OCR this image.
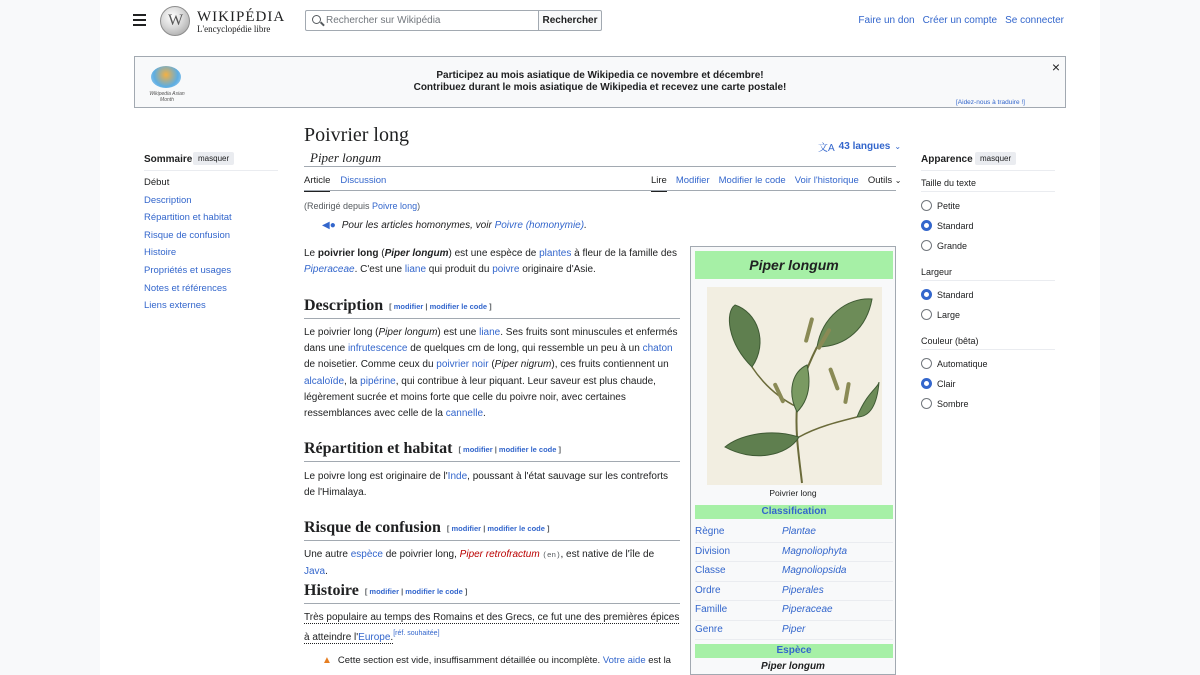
W
WIKIPÉDIA
L'encyclopédie libre
Rechercher sur Wikipédia
Rechercher	Faire un don Créer un compte Se connecter
Wikipedia Asian Month
Participez au mois asiatique de Wikipedia ce novembre et décembre!
Contribuez durant le mois asiatique de Wikipedia et recevez une carte postale!
×
[Aidez-nous à traduire !]
Sommaire masquer
Début
Description
Répartition et habitat
Risque de confusion
Histoire
Propriétés et usages
Notes et références
Liens externes
Poivrier long
Piper longum
文A 43 langues ⌄
Article Discussion	Lire Modifier Modifier le code Voir l'historique Outils ⌄
(Redirigé depuis Poivre long)
◀● Pour les articles homonymes, voir Poivre (homonymie).

Le poivrier long (Piper longum) est une espèce de plantes à fleur de la famille des Piperaceae. C'est une liane qui produit du poivre originaire d'Asie.

Description [ modifier | modifier le code ]

Le poivrier long (Piper longum) est une liane. Ses fruits sont minuscules et enfermés dans une infrutescence de quelques cm de long, qui ressemble un peu à un chaton de noisetier. Comme ceux du poivrier noir (Piper nigrum), ces fruits contiennent un alcaloïde, la pipérine, qui contribue à leur piquant. Leur saveur est plus chaude, légèrement sucrée et moins forte que celle du poivre noir, avec certaines ressemblances avec celle de la cannelle.

Répartition et habitat [ modifier | modifier le code ]

Le poivre long est originaire de l'Inde, poussant à l'état sauvage sur les contreforts de l'Himalaya.

Risque de confusion [ modifier | modifier le code ]

Une autre espèce de poivrier long, Piper retrofractum (en), est native de l'île de Java.

Histoire [ modifier | modifier le code ]

Très populaire au temps des Romains et des Grecs, ce fut une des premières épices à atteindre l'Europe.[réf. souhaitée]

▲ Cette section est vide, insuffisamment détaillée ou incomplète. Votre aide est la
Piper longum
Poivrier long
Classification
Règne	Plantae
Division	Magnoliophyta
Classe	Magnoliopsida
Ordre	Piperales
Famille	Piperaceae
Genre	Piper
Espèce
Piper longum
Apparence masquer
Taille du texte
Petite
Standard
Grande
Largeur
Standard
Large
Couleur (bêta)
Automatique
Clair
Sombre
